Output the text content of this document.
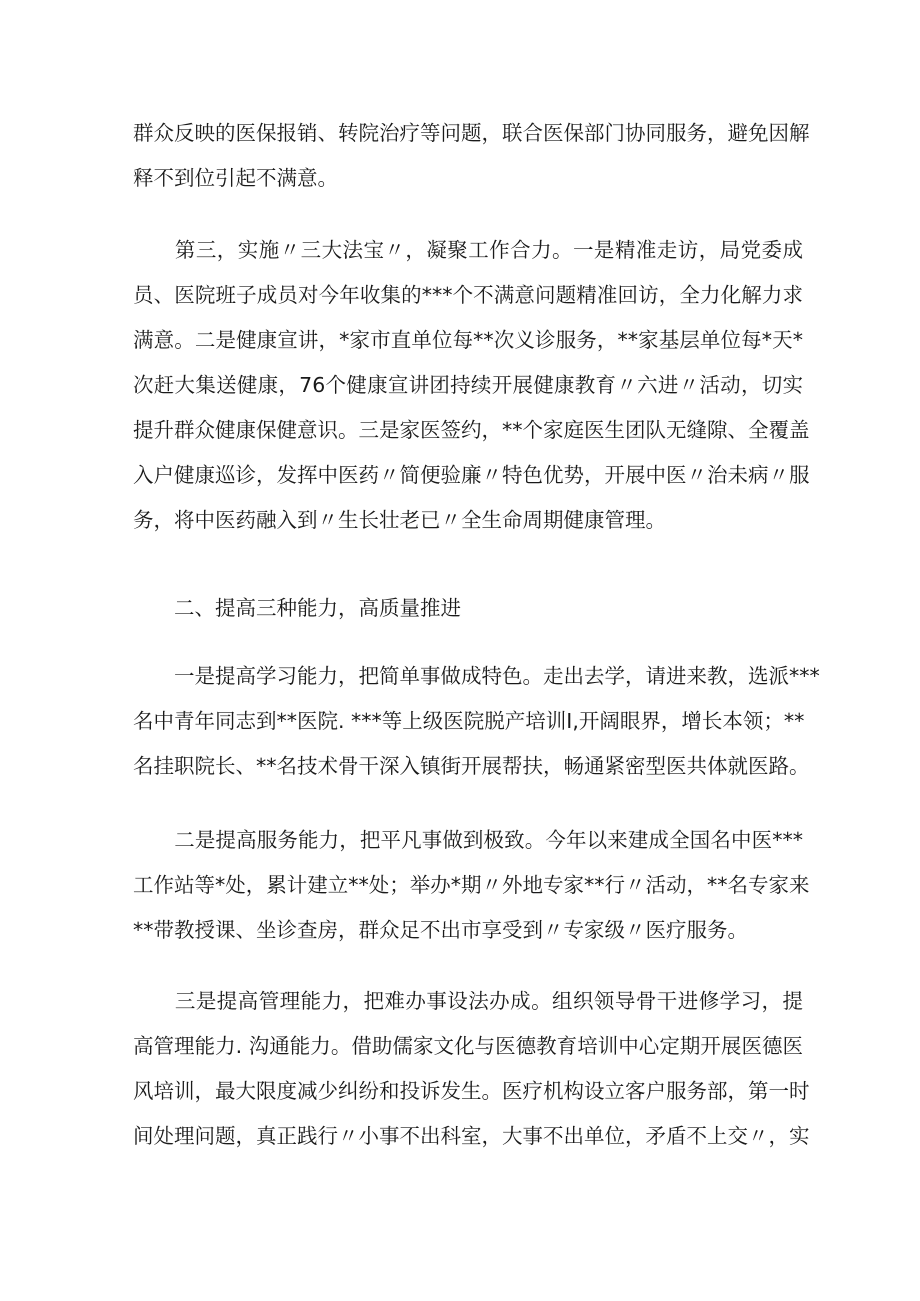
群众反映的医保报销、转院治疗等问题，联合医保部门协同服务，避免因解
释不到位引起不满意。
　　第三，实施〃三大法宝〃，凝聚工作合力。一是精准走访，局党委成
员、医院班子成员对今年收集的***个不满意问题精准回访，全力化解力求
满意。二是健康宣讲，*家市直单位每**次义诊服务，**家基层单位每*天*
次赶大集送健康，76个健康宣讲团持续开展健康教育〃六进〃活动，切实
提升群众健康保健意识。三是家医签约，**个家庭医生团队无缝隙、全覆盖
入户健康巡诊，发挥中医药〃简便验廉〃特色优势，开展中医〃治未病〃服
务，将中医药融入到〃生长壮老已〃全生命周期健康管理。
　　二、提高三种能力，高质量推进
　　一是提高学习能力，把简单事做成特色。走出去学，请进来教，选派***
名中青年同志到**医院. ***等上级医院脱产培训Ⅰ,开阔眼界，增长本领；**
名挂职院长、**名技术骨干深入镇街开展帮扶，畅通紧密型医共体就医路。
　　二是提高服务能力，把平凡事做到极致。今年以来建成全国名中医***
工作站等*处，累计建立**处；举办*期〃外地专家**行〃活动，**名专家来
**带教授课、坐诊查房，群众足不出市享受到〃专家级〃医疗服务。
　　三是提高管理能力，把难办事设法办成。组织领导骨干进修学习，提
高管理能力. 沟通能力。借助儒家文化与医德教育培训中心定期开展医德医
风培训，最大限度减少纠纷和投诉发生。医疗机构设立客户服务部，第一时
间处理问题，真正践行〃小事不出科室，大事不出单位，矛盾不上交〃，实
